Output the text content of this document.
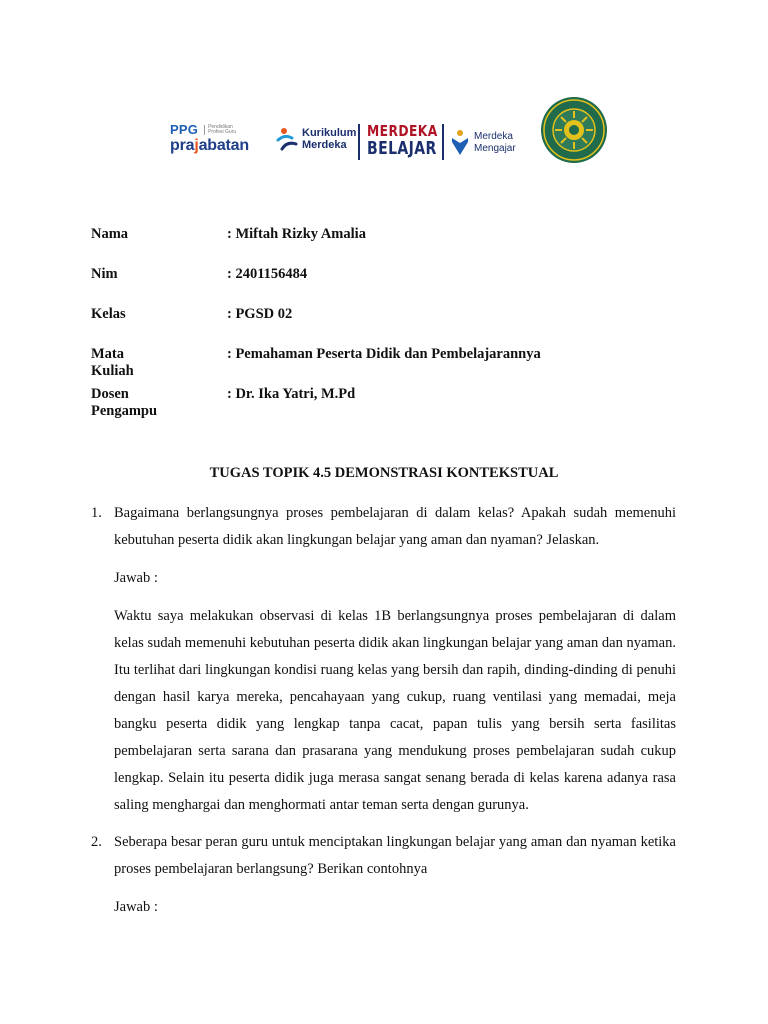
PPG	Pendidikan Profesi Guru
prajabatan
Kurikulum
Merdeka
MERDEKA
BELAJAR
Merdeka
Mengajar
Nama	: Miftah Rizky Amalia
Nim	: 2401156484
Kelas	: PGSD 02
Mata Kuliah
: Pemahaman Peserta Didik dan Pembelajarannya
Dosen Pengampu
: Dr. Ika Yatri, M.Pd
TUGAS TOPIK 4.5 DEMONSTRASI KONTEKSTUAL
1. Bagaimana berlangsungnya proses pembelajaran di dalam kelas? Apakah sudah memenuhi kebutuhan peserta didik akan lingkungan belajar yang aman dan nyaman? Jelaskan.
Jawab :
Waktu saya melakukan observasi di kelas 1B berlangsungnya proses pembelajaran di dalam kelas sudah memenuhi kebutuhan peserta didik akan lingkungan belajar yang aman dan nyaman. Itu terlihat dari lingkungan kondisi ruang kelas yang bersih dan rapih, dinding-dinding di penuhi dengan hasil karya mereka, pencahayaan yang cukup, ruang ventilasi yang memadai, meja bangku peserta didik yang lengkap tanpa cacat, papan tulis yang bersih serta fasilitas pembelajaran serta sarana dan prasarana yang mendukung proses pembelajaran sudah cukup lengkap. Selain itu peserta didik juga merasa sangat senang berada di kelas karena adanya rasa saling menghargai dan menghormati antar teman serta dengan gurunya.
2. Seberapa besar peran guru untuk menciptakan lingkungan belajar yang aman dan nyaman ketika proses pembelajaran berlangsung? Berikan contohnya
Jawab :
